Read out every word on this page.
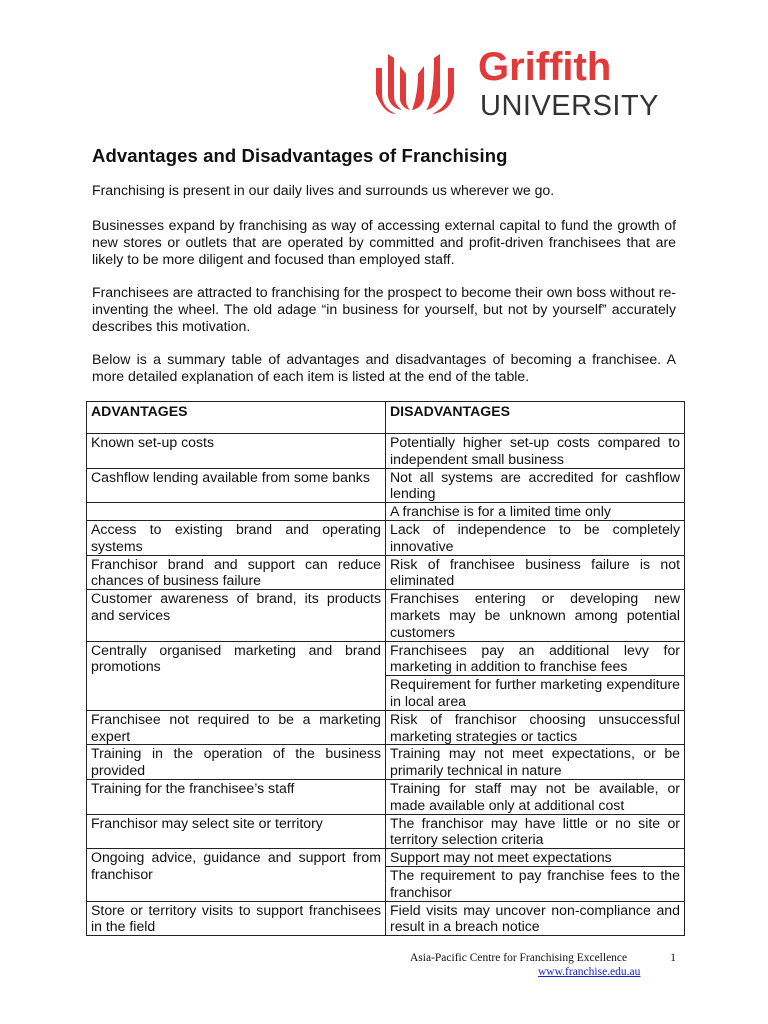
Griffith
UNIVERSITY
Advantages and Disadvantages of Franchising

Franchising is present in our daily lives and surrounds us wherever we go.

Businesses expand by franchising as way of accessing external capital to fund the growth of new stores or outlets that are operated by committed and profit-driven franchisees that are likely to be more diligent and focused than employed staff.

Franchisees are attracted to franchising for the prospect to become their own boss without re-inventing the wheel. The old adage “in business for yourself, but not by yourself” accurately describes this motivation.

Below is a summary table of advantages and disadvantages of becoming a franchisee. A more detailed explanation of each item is listed at the end of the table.

ADVANTAGES	DISADVANTAGES
Known set-up costs	Potentially higher set-up costs compared to independent small business
Cashflow lending available from some banks	Not all systems are accredited for cashflow lending
	A franchise is for a limited time only
Access to existing brand and operating systems	Lack of independence to be completely innovative
Franchisor brand and support can reduce chances of business failure	Risk of franchisee business failure is not eliminated
Customer awareness of brand, its products and services	Franchises entering or developing new markets may be unknown among potential customers
Centrally organised marketing and brand promotions	Franchisees pay an additional levy for marketing in addition to franchise fees
	Requirement for further marketing expenditure in local area
Franchisee not required to be a marketing expert	Risk of franchisor choosing unsuccessful marketing strategies or tactics
Training in the operation of the business provided	Training may not meet expectations, or be primarily technical in nature
Training for the franchisee’s staff	Training for staff may not be available, or made available only at additional cost
Franchisor may select site or territory	The franchisor may have little or no site or territory selection criteria
Ongoing advice, guidance and support from franchisor	Support may not meet expectations
	The requirement to pay franchise fees to the franchisor
Store or territory visits to support franchisees in the field	Field visits may uncover non-compliance and result in a breach notice
Asia-Pacific Centre for Franchising Excellence	1
www.franchise.edu.au
